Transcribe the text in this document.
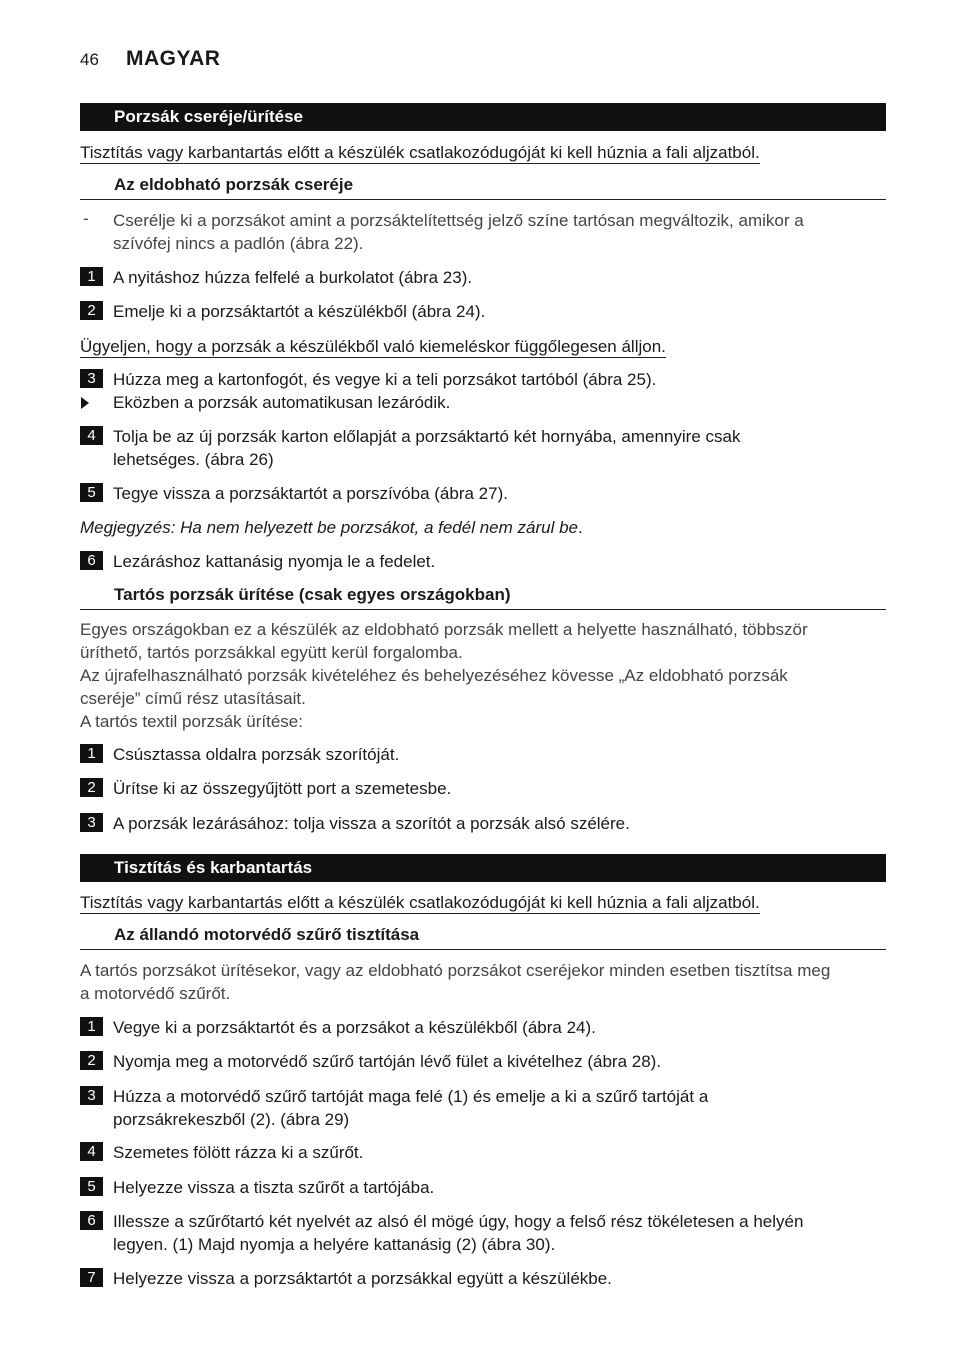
46 MAGYAR
Porzsák cseréje/ürítése
Tisztítás vagy karbantartás előtt a készülék csatlakozódugóját ki kell húznia a fali aljzatból.
Az eldobható porzsák cseréje
- Cserélje ki a porzsákot amint a porzsáktelítettség jelző színe tartósan megváltozik, amikor a
szívófej nincs a padlón (ábra 22).
1	A nyitáshoz húzza felfelé a burkolatot (ábra 23).
2	Emelje ki a porzsáktartót a készülékből (ábra 24).
Ügyeljen, hogy a porzsák a készülékből való kiemeléskor függőlegesen álljon.
3	Húzza meg a kartonfogót, és vegye ki a teli porzsákot tartóból (ábra 25).
Eközben a porzsák automatikusan lezáródik.
4	Tolja be az új porzsák karton előlapját a porzsáktartó két hornyába, amennyire csak
lehetséges. (ábra 26)
5	Tegye vissza a porzsáktartót a porszívóba (ábra 27).
Megjegyzés: Ha nem helyezett be porzsákot, a fedél nem zárul be.
6	Lezáráshoz kattanásig nyomja le a fedelet.
Tartós porzsák ürítése (csak egyes országokban)
Egyes országokban ez a készülék az eldobható porzsák mellett a helyette használható, többször
üríthető, tartós porzsákkal együtt kerül forgalomba.
Az újrafelhasználható porzsák kivételéhez és behelyezéséhez kövesse „Az eldobható porzsák
cseréje” című rész utasításait.
A tartós textil porzsák ürítése:
1	Csúsztassa oldalra porzsák szorítóját.
2	Ürítse ki az összegyűjtött port a szemetesbe.
3	A porzsák lezárásához: tolja vissza a szorítót a porzsák alsó szélére.
Tisztítás és karbantartás
Tisztítás vagy karbantartás előtt a készülék csatlakozódugóját ki kell húznia a fali aljzatból.
Az állandó motorvédő szűrő tisztítása
A tartós porzsákot ürítésekor, vagy az eldobható porzsákot cseréjekor minden esetben tisztítsa meg
a motorvédő szűrőt.
1	Vegye ki a porzsáktartót és a porzsákot a készülékből (ábra 24).
2	Nyomja meg a motorvédő szűrő tartóján lévő fület a kivételhez (ábra 28).
3	Húzza a motorvédő szűrő tartóját maga felé (1) és emelje a ki a szűrő tartóját a
porzsákrekeszből (2). (ábra 29)
4	Szemetes fölött rázza ki a szűrőt.
5	Helyezze vissza a tiszta szűrőt a tartójába.
6	Illessze a szűrőtartó két nyelvét az alsó él mögé úgy, hogy a felső rész tökéletesen a helyén
legyen. (1) Majd nyomja a helyére kattanásig (2) (ábra 30).
7	Helyezze vissza a porzsáktartót a porzsákkal együtt a készülékbe.
